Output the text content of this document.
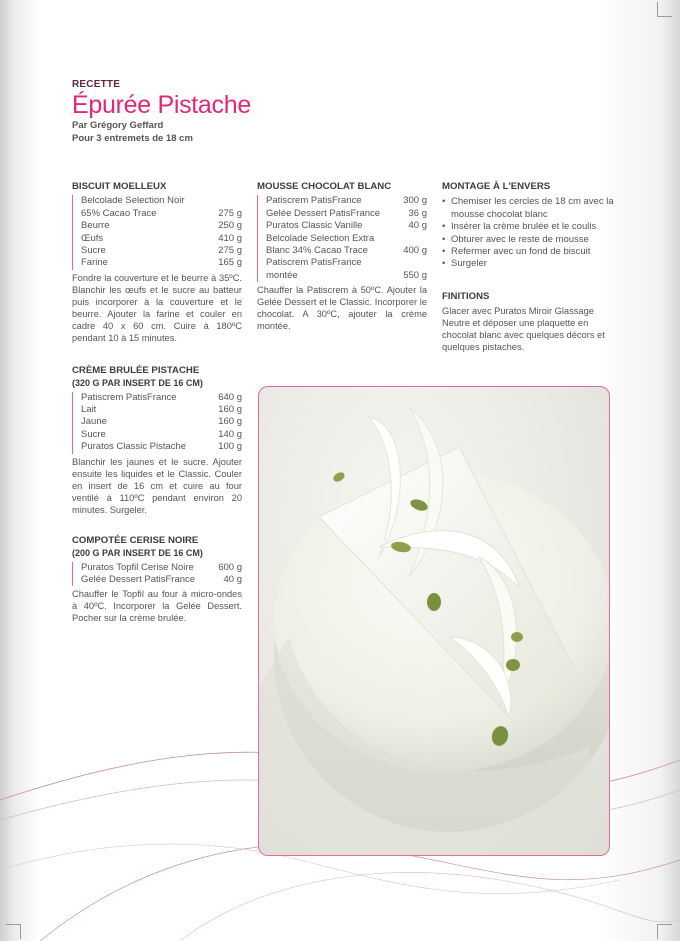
RECETTE
Épurée Pistache
Par Grégory Geffard
Pour 3 entremets de 18 cm
BISCUIT MOELLEUX
Belcolade Selection Noir 65% Cacao Trace	275 g
Beurre	250 g
Œufs	410 g
Sucre	275 g
Farine	165 g
Fondre la couverture et le beurre à 35ºC. Blanchir les œufs et le sucre au batteur puis incorporer à la couverture et le beurre. Ajouter la farine et couler en cadre 40 x 60 cm. Cuire à 180ºC pendant 10 à 15 minutes.
CRÈME BRULÉE PISTACHE
(320 G PAR INSERT DE 16 CM)
Patiscrem PatisFrance	640 g
Lait	160 g
Jaune	160 g
Sucre	140 g
Puratos Classic Pistache	100 g
Blanchir les jaunes et le sucre. Ajouter ensuite les liquides et le Classic. Couler en insert de 16 cm et cuire au four ventilé à 110ºC pendant environ 20 minutes. Surgeler.
COMPOTÉE CERISE NOIRE
(200 G PAR INSERT DE 16 CM)
Puratos Topfil Cerise Noire	600 g
Gelée Dessert PatisFrance	40 g
Chauffer le Topfil au four à micro-ondes à 40ºC. Incorporer la Gelée Dessert. Pocher sur la crème brulée.
MOUSSE CHOCOLAT BLANC
Patiscrem PatisFrance	300 g
Gelée Dessert PatisFrance	36 g
Puratos Classic Vanille	40 g
Belcolade Selection Extra Blanc 34% Cacao Trace	400 g
Patiscrem PatisFrance montée	550 g
Chauffer la Patiscrem à 50ºC. Ajouter la Gelée Dessert et le Classic. Incorporer le chocolat. A 30ºC, ajouter la crème montée.
MONTAGE À L'ENVERS
• Chemiser les cercles de 18 cm avec la mousse chocolat blanc
• Insérer la crème brulée et le coulis
• Obturer avec le reste de mousse
• Refermer avec un fond de biscuit
• Surgeler
FINITIONS
Glacer avec Puratos Miroir Glassage Neutre et déposer une plaquette en chocolat blanc avec quelques décors et quelques pistaches.
